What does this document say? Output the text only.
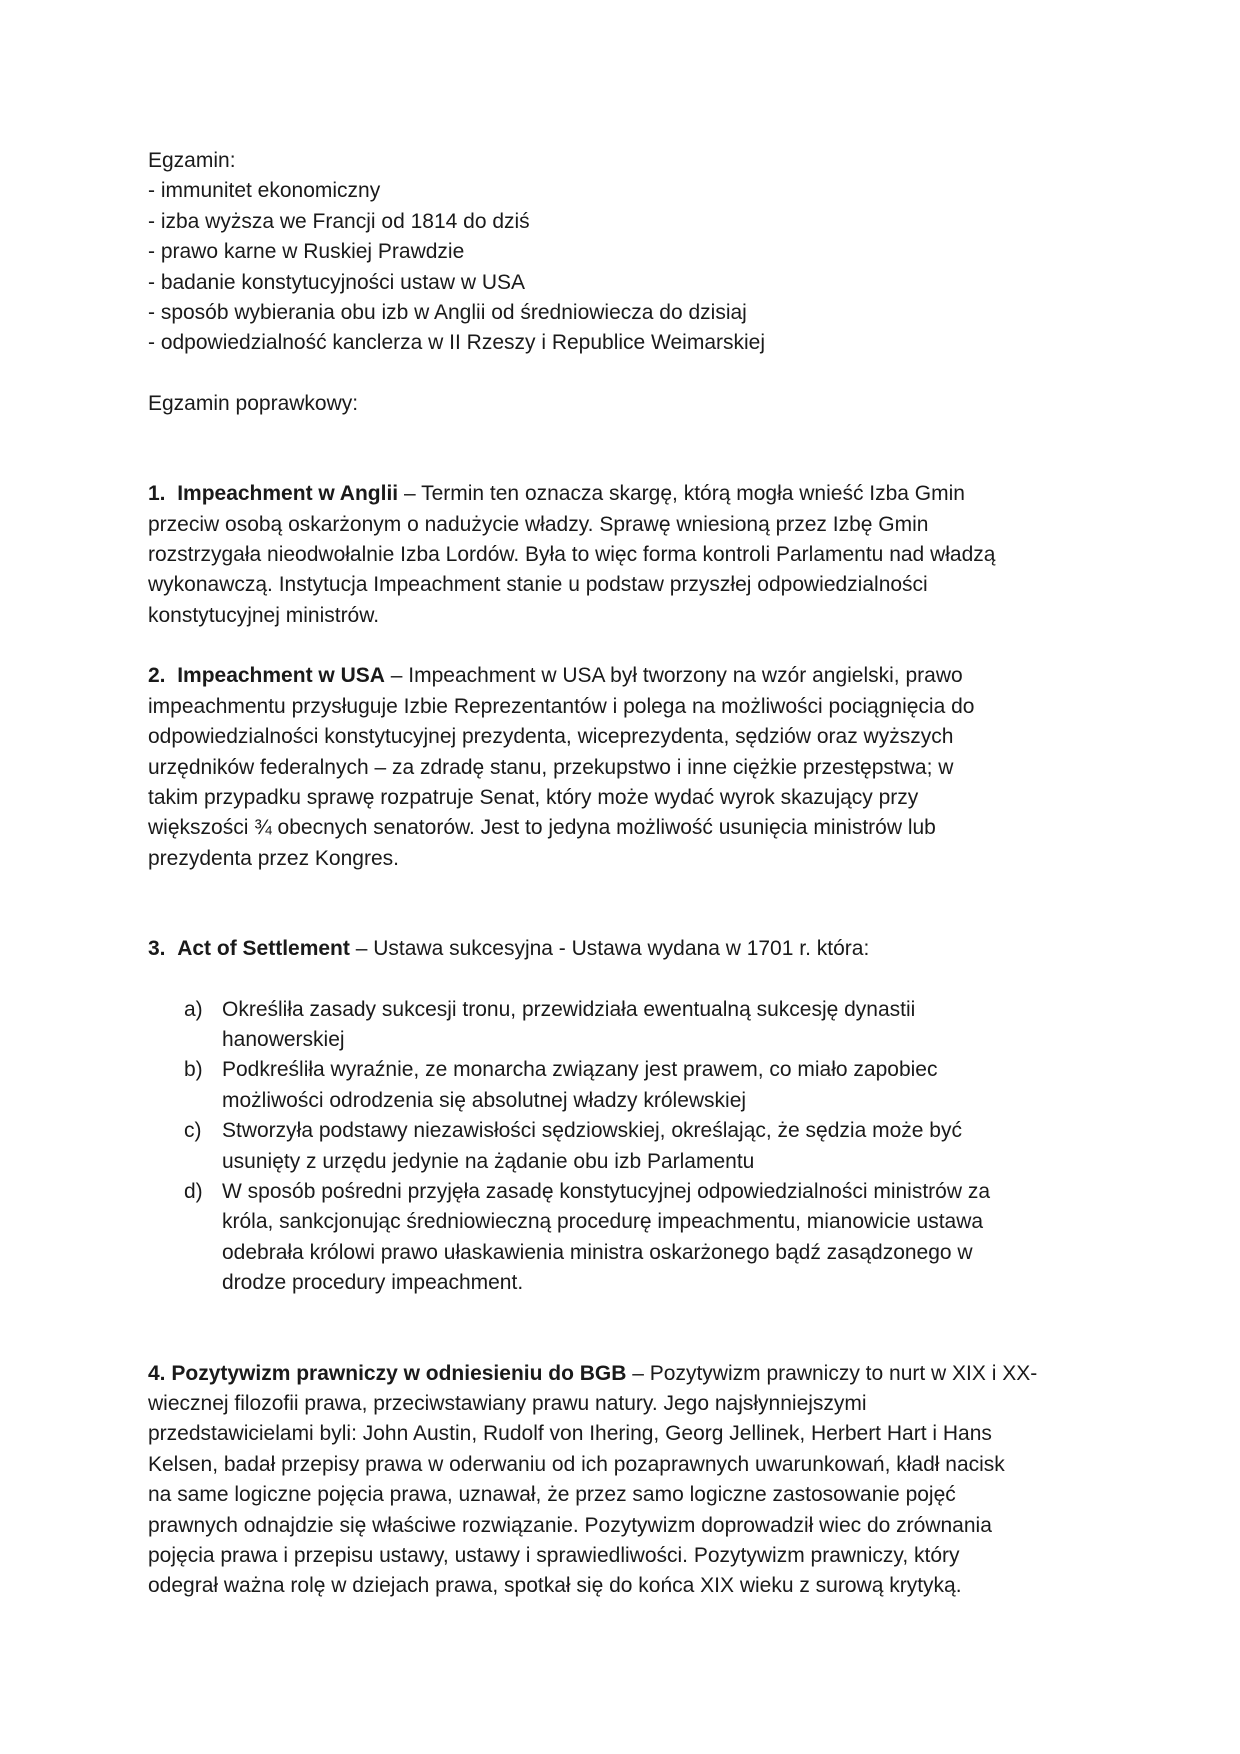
Egzamin:
- immunitet ekonomiczny
- izba wyższa we Francji od 1814 do dziś
- prawo karne w Ruskiej Prawdzie
- badanie konstytucyjności ustaw w USA
- sposób wybierania obu izb w Anglii od średniowiecza do dzisiaj
- odpowiedzialność kanclerza w II Rzeszy i Republice Weimarskiej
Egzamin poprawkowy:
1. Impeachment w Anglii – Termin ten oznacza skargę, którą mogła wnieść Izba Gmin
przeciw osobą oskarżonym o nadużycie władzy. Sprawę wniesioną przez Izbę Gmin
rozstrzygała nieodwołalnie Izba Lordów. Była to więc forma kontroli Parlamentu nad władzą
wykonawczą. Instytucja Impeachment stanie u podstaw przyszłej odpowiedzialności
konstytucyjnej ministrów.
2. Impeachment w USA – Impeachment w USA był tworzony na wzór angielski, prawo
impeachmentu przysługuje Izbie Reprezentantów i polega na możliwości pociągnięcia do
odpowiedzialności konstytucyjnej prezydenta, wiceprezydenta, sędziów oraz wyższych
urzędników federalnych – za zdradę stanu, przekupstwo i inne ciężkie przestępstwa; w
takim przypadku sprawę rozpatruje Senat, który może wydać wyrok skazujący przy
większości ¾ obecnych senatorów. Jest to jedyna możliwość usunięcia ministrów lub
prezydenta przez Kongres.
3. Act of Settlement – Ustawa sukcesyjna - Ustawa wydana w 1701 r. która:
a) Określiła zasady sukcesji tronu, przewidziała ewentualną sukcesję dynastii
hanowerskiej
b) Podkreśliła wyraźnie, ze monarcha związany jest prawem, co miało zapobiec
możliwości odrodzenia się absolutnej władzy królewskiej
c) Stworzyła podstawy niezawisłości sędziowskiej, określając, że sędzia może być
usunięty z urzędu jedynie na żądanie obu izb Parlamentu
d) W sposób pośredni przyjęła zasadę konstytucyjnej odpowiedzialności ministrów za
króla, sankcjonując średniowieczną procedurę impeachmentu, mianowicie ustawa
odebrała królowi prawo ułaskawienia ministra oskarżonego bądź zasądzonego w
drodze procedury impeachment.
4. Pozytywizm prawniczy w odniesieniu do BGB – Pozytywizm prawniczy to nurt w XIX i XX-
wiecznej filozofii prawa, przeciwstawiany prawu natury. Jego najsłynniejszymi
przedstawicielami byli: John Austin, Rudolf von Ihering, Georg Jellinek, Herbert Hart i Hans
Kelsen, badał przepisy prawa w oderwaniu od ich pozaprawnych uwarunkowań, kładł nacisk
na same logiczne pojęcia prawa, uznawał, że przez samo logiczne zastosowanie pojęć
prawnych odnajdzie się właściwe rozwiązanie. Pozytywizm doprowadził wiec do zrównania
pojęcia prawa i przepisu ustawy, ustawy i sprawiedliwości. Pozytywizm prawniczy, który
odegrał ważna rolę w dziejach prawa, spotkał się do końca XIX wieku z surową krytyką.
